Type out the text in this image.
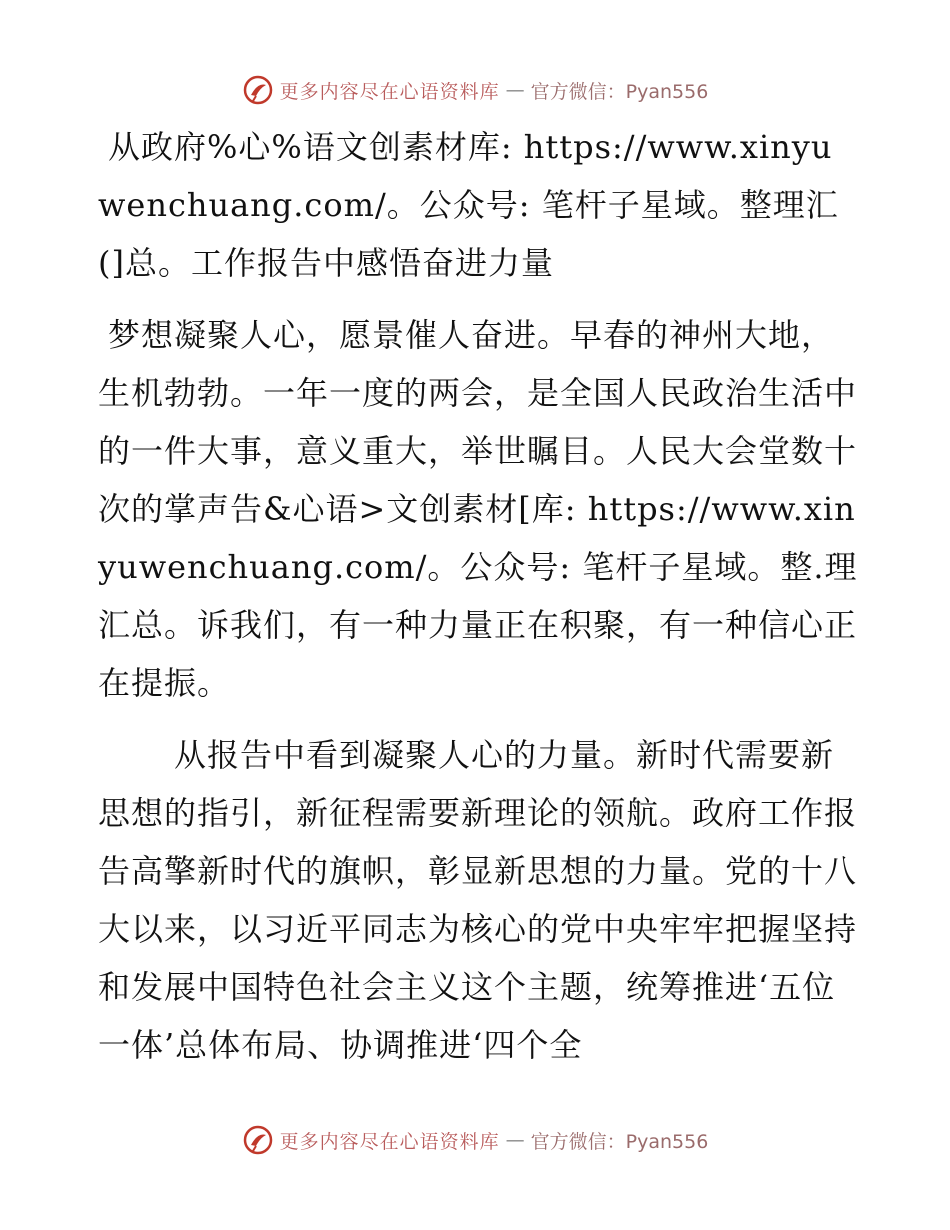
更多内容尽在心语资料库 — 官方微信：Pyan556

从政府%心%语文创素材库: https://www.xinyuwenchuang.com/。公众号: 笔杆子星域。整理汇(]总。工作报告中感悟奋进力量

梦想凝聚人心，愿景催人奋进。早春的神州大地，生机勃勃。一年一度的两会，是全国人民政治生活中的一件大事，意义重大，举世瞩目。人民大会堂数十次的掌声告&心语>文创素材[库: https://www.xinyuwenchuang.com/。公众号: 笔杆子星域。整.理汇总。诉我们，有一种力量正在积聚，有一种信心正在提振。

从报告中看到凝聚人心的力量。新时代需要新思想的指引，新征程需要新理论的领航。政府工作报告高擎新时代的旗帜，彰显新思想的力量。党的十八大以来，以习近平同志为核心的党中央牢牢把握坚持和发展中国特色社会主义这个主题，统筹推进‘五位一体’总体布局、协调推进‘四个全

更多内容尽在心语资料库 — 官方微信：Pyan556
